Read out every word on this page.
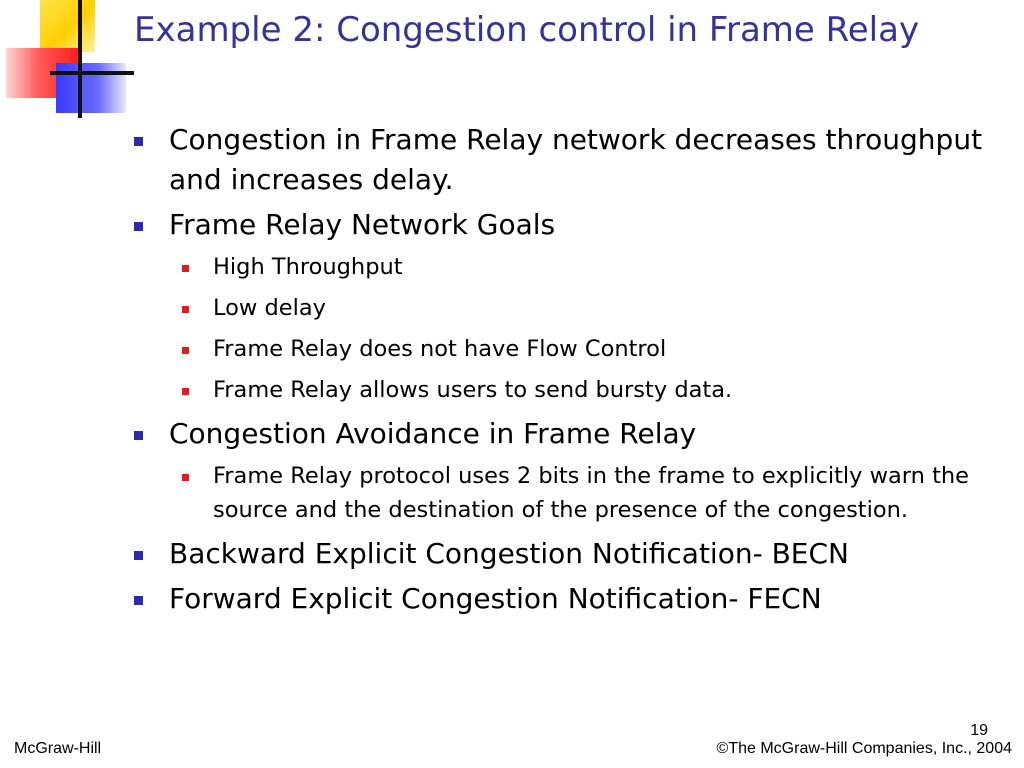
Example 2: Congestion control in Frame Relay
Congestion in Frame Relay network decreases throughput and increases delay.
Frame Relay Network Goals
High Throughput
Low delay
Frame Relay does not have Flow Control
Frame Relay allows users to send bursty data.
Congestion Avoidance in Frame Relay
Frame Relay protocol uses 2 bits in the frame to explicitly warn the source and the destination of the presence of the congestion.
Backward Explicit Congestion Notification- BECN
Forward Explicit Congestion Notification- FECN
19
McGraw-Hill	©The McGraw-Hill Companies, Inc., 2004
